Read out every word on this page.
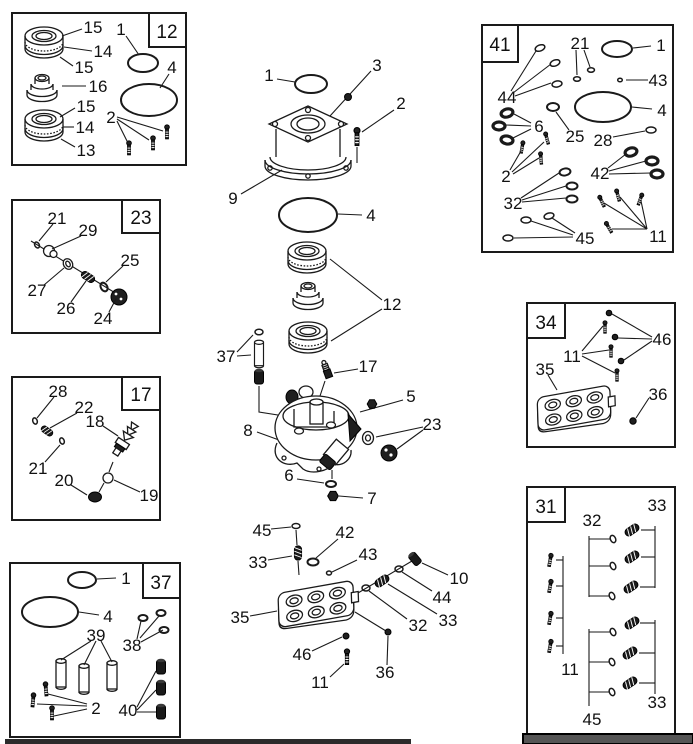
12
15 1
14
15
16
4
15
2
14
13
23
21
29
25
27
26
24
17
28
22
18
21
20
19
37
1
4
39
38
2 40
41	21	1
43
44
6
4
25 28
2	42
32
45	11
34
11
46
35
36
31
32
33
11
45
33
1
3
2
9
4
12
37
17
5
8	23
6
7
45	42
33	43
10
44
33
32
35
46
36
11
